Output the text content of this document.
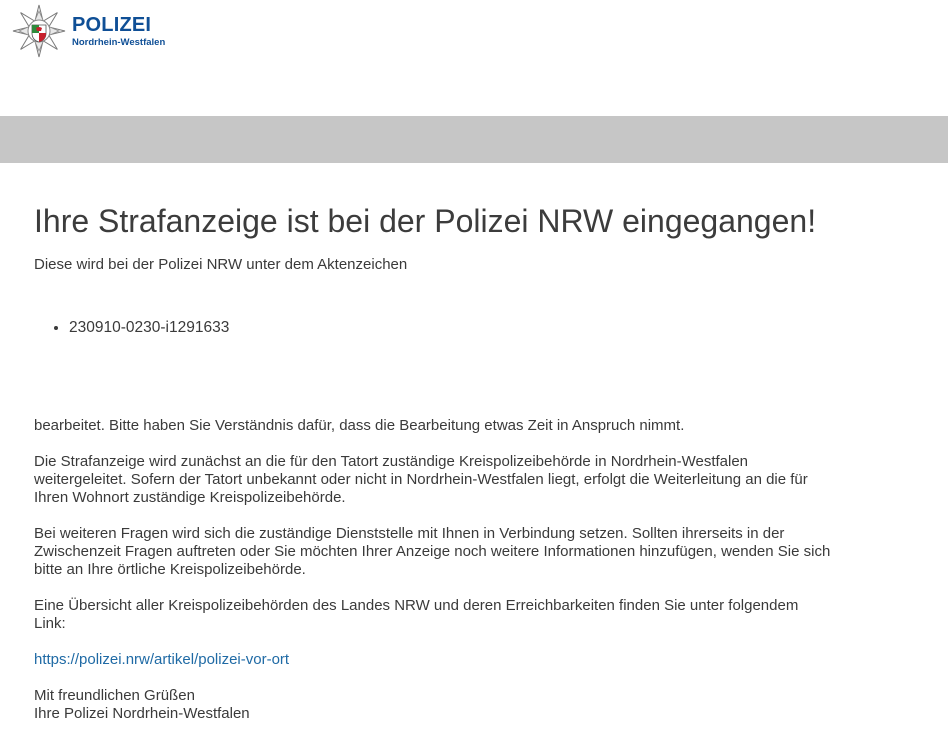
POLIZEI
Nordrhein-Westfalen
Ihre Strafanzeige ist bei der Polizei NRW eingegangen!

Diese wird bei der Polizei NRW unter dem Aktenzeichen

• 230910-0230-i1291633

bearbeitet. Bitte haben Sie Verständnis dafür, dass die Bearbeitung etwas Zeit in Anspruch nimmt.

Die Strafanzeige wird zunächst an die für den Tatort zuständige Kreispolizeibehörde in Nordrhein-Westfalen
weitergeleitet. Sofern der Tatort unbekannt oder nicht in Nordrhein-Westfalen liegt, erfolgt die Weiterleitung an die für
Ihren Wohnort zuständige Kreispolizeibehörde.

Bei weiteren Fragen wird sich die zuständige Dienststelle mit Ihnen in Verbindung setzen. Sollten ihrerseits in der
Zwischenzeit Fragen auftreten oder Sie möchten Ihrer Anzeige noch weitere Informationen hinzufügen, wenden Sie sich
bitte an Ihre örtliche Kreispolizeibehörde.

Eine Übersicht aller Kreispolizeibehörden des Landes NRW und deren Erreichbarkeiten finden Sie unter folgendem
Link:

https://polizei.nrw/artikel/polizei-vor-ort

Mit freundlichen Grüßen
Ihre Polizei Nordrhein-Westfalen
